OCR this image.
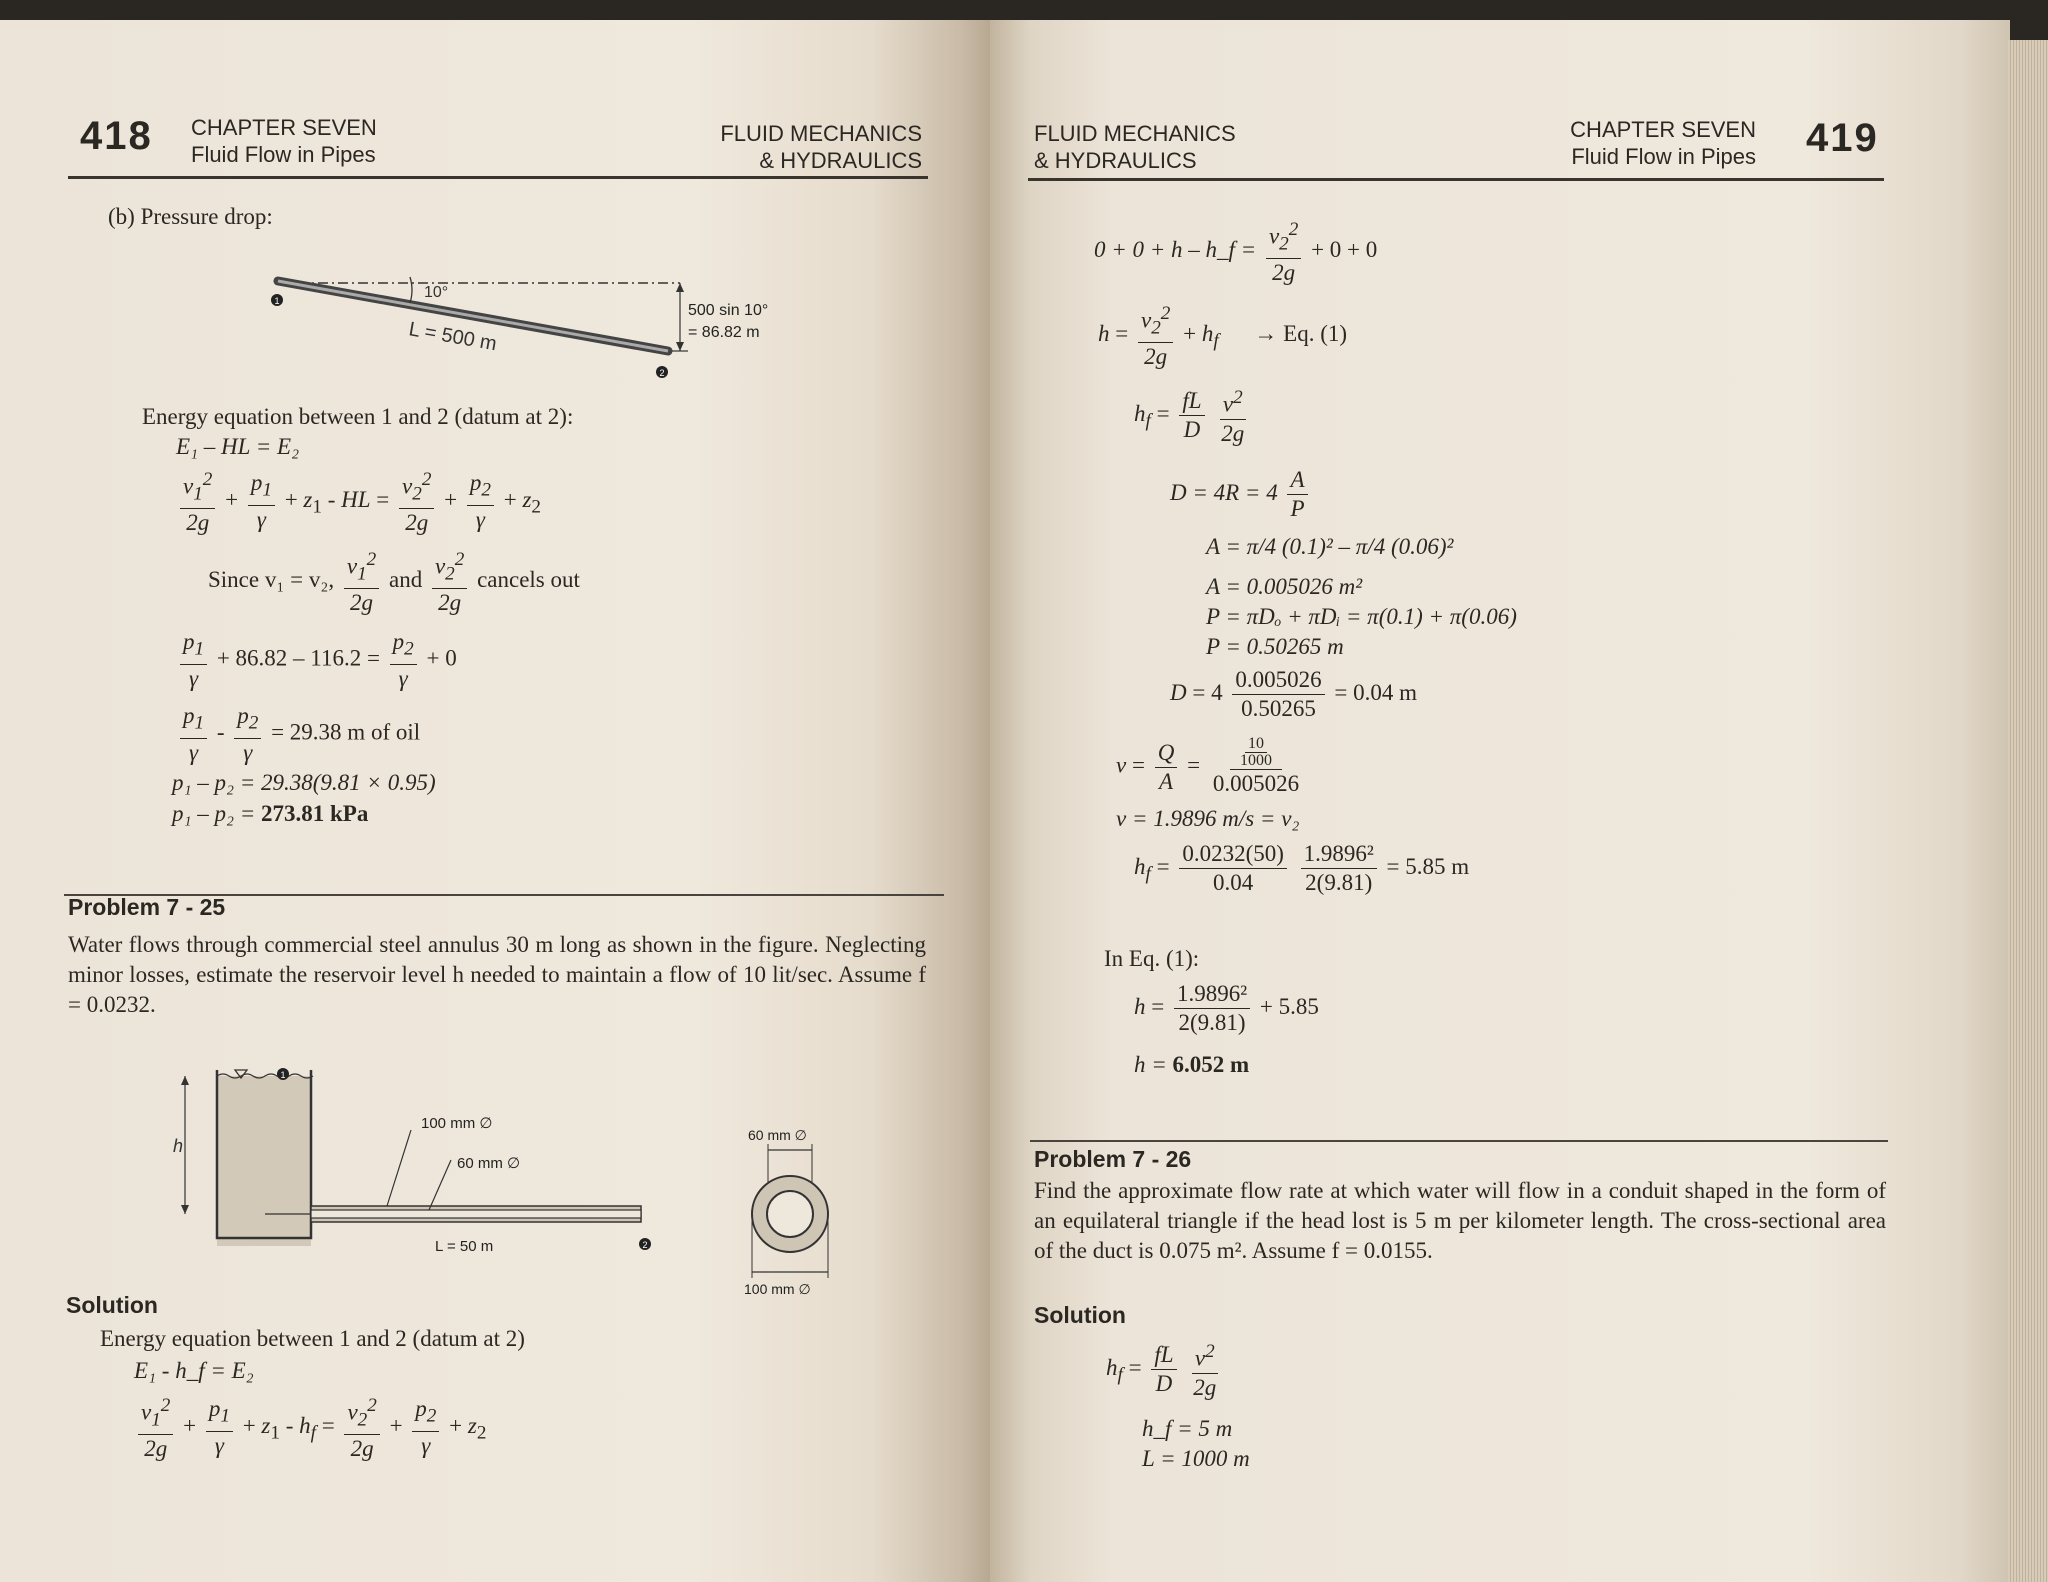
418 CHAPTER SEVEN
Fluid Flow in Pipes
FLUID MECHANICS
& HYDRAULICS
(b) Pressure drop:
1
2
10°
L = 500 m
500 sin 10°
= 86.82 m
Energy equation between 1 and 2 (datum at 2):
E₁ – HL = E₂
$\frac{v_1^2}{2g} + \frac{p_1}{\gamma} + z_1$ - HL = $\frac{v_2^2}{2g} + \frac{p_2}{\gamma} + z_2$
Since v₁ = v₂, $\frac{v_1^2}{2g}$ and $\frac{v_2^2}{2g}$ cancels out
$\frac{p_1}{\gamma} + 86.82 - 116.2 = \frac{p_2}{\gamma} + 0$
$\frac{p_1}{\gamma} - \frac{p_2}{\gamma} = 29.38$ m of oil
p₁ – p₂ = 29.38(9.81 × 0.95)
p₁ – p₂ = 273.81 kPa
Problem 7 - 25
Water flows through commercial steel annulus 30 m long as shown in the figure. Neglecting minor losses, estimate the reservoir level h needed to maintain a flow of 10 lit/sec. Assume f = 0.0232.
1
h
100 mm ∅
60 mm ∅
L = 50 m	2
60 mm ∅
100 mm ∅
Solution
Energy equation between 1 and 2 (datum at 2)
E₁ - h_f = E₂
$\frac{v_1^2}{2g} + \frac{p_1}{\gamma} + z_1 - h_f = \frac{v_2^2}{2g} + \frac{p_2}{\gamma} + z_2$
FLUID MECHANICS
& HYDRAULICS
CHAPTER SEVEN
Fluid Flow in Pipes 419
0 + 0 + h – h_f = $\frac{v_2^2}{2g} + 0 + 0$
$h = \frac{v_2^2}{2g} + h_f \to Eq$. (1)
$h_f = \frac{fL}{D}$
$\frac{v^2}{2g}$
$D = 4R = 4 \frac{A}{P}$
A = π/4 (0.1)² – π/4 (0.06)²
A = 0.005026 m²
P = πDₒ + πDᵢ = π(0.1) + π(0.06)
P = 0.50265 m
$D = 4 \frac{0.005026}{0.50265} = 0.04$ m
$v = \frac{Q}{A} = \frac{\frac{10}{1000}}{0.005026}$
v = 1.9896 m/s = v₂
$h_f = \frac{0.0232(50)}{0.04}$
$\frac{\text{1.9896²}}{2(9.81)} = 5.85$ m
In Eq. (1):
$h = \frac{\text{1.9896²}}{2(9.81)} + 5.85$
h = 6.052 m
Problem 7 - 26
Find the approximate flow rate at which water will flow in a conduit shaped in the form of an equilateral triangle if the head lost is 5 m per kilometer length. The cross-sectional area of the duct is 0.075 m². Assume f = 0.0155.
Solution
$h_f = \frac{fL}{D}$
$\frac{v^2}{2g}$
h_f = 5 m
L = 1000 m
